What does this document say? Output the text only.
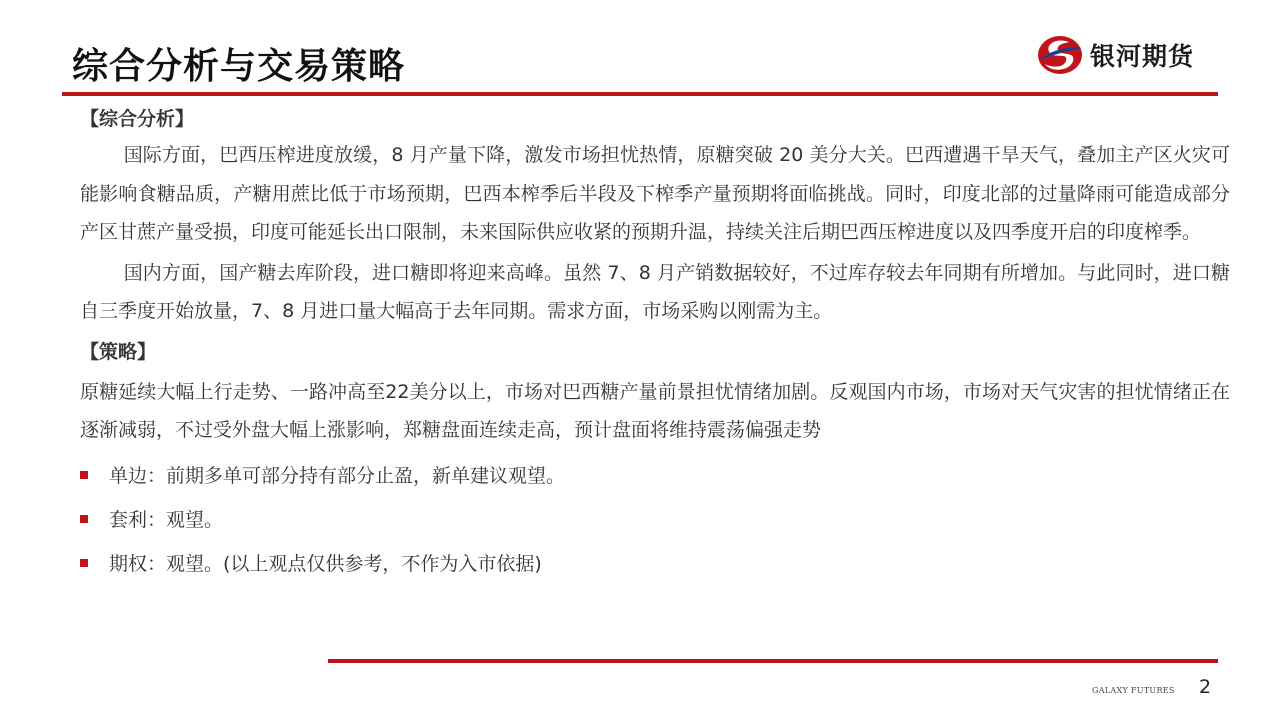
综合分析与交易策略	银河期货
【综合分析】

国际方面，巴西压榨进度放缓，8 月产量下降，激发市场担忧热情，原糖突破 20 美分大关。巴西遭遇干旱天气，叠加主产区火灾可能影响食糖品质，产糖用蔗比低于市场预期，巴西本榨季后半段及下榨季产量预期将面临挑战。同时，印度北部的过量降雨可能造成部分产区甘蔗产量受损，印度可能延长出口限制，未来国际供应收紧的预期升温，持续关注后期巴西压榨进度以及四季度开启的印度榨季。

国内方面，国产糖去库阶段，进口糖即将迎来高峰。虽然 7、8 月产销数据较好，不过库存较去年同期有所增加。与此同时，进口糖自三季度开始放量，7、8 月进口量大幅高于去年同期。需求方面，市场采购以刚需为主。

【策略】

原糖延续大幅上行走势、一路冲高至22美分以上，市场对巴西糖产量前景担忧情绪加剧。反观国内市场，市场对天气灾害的担忧情绪正在逐渐减弱，不过受外盘大幅上涨影响，郑糖盘面连续走高，预计盘面将维持震荡偏强走势

单边：前期多单可部分持有部分止盈，新单建议观望。
套利：观望。
期权：观望。(以上观点仅供参考，不作为入市依据)
GALAXY FUTURES 2
